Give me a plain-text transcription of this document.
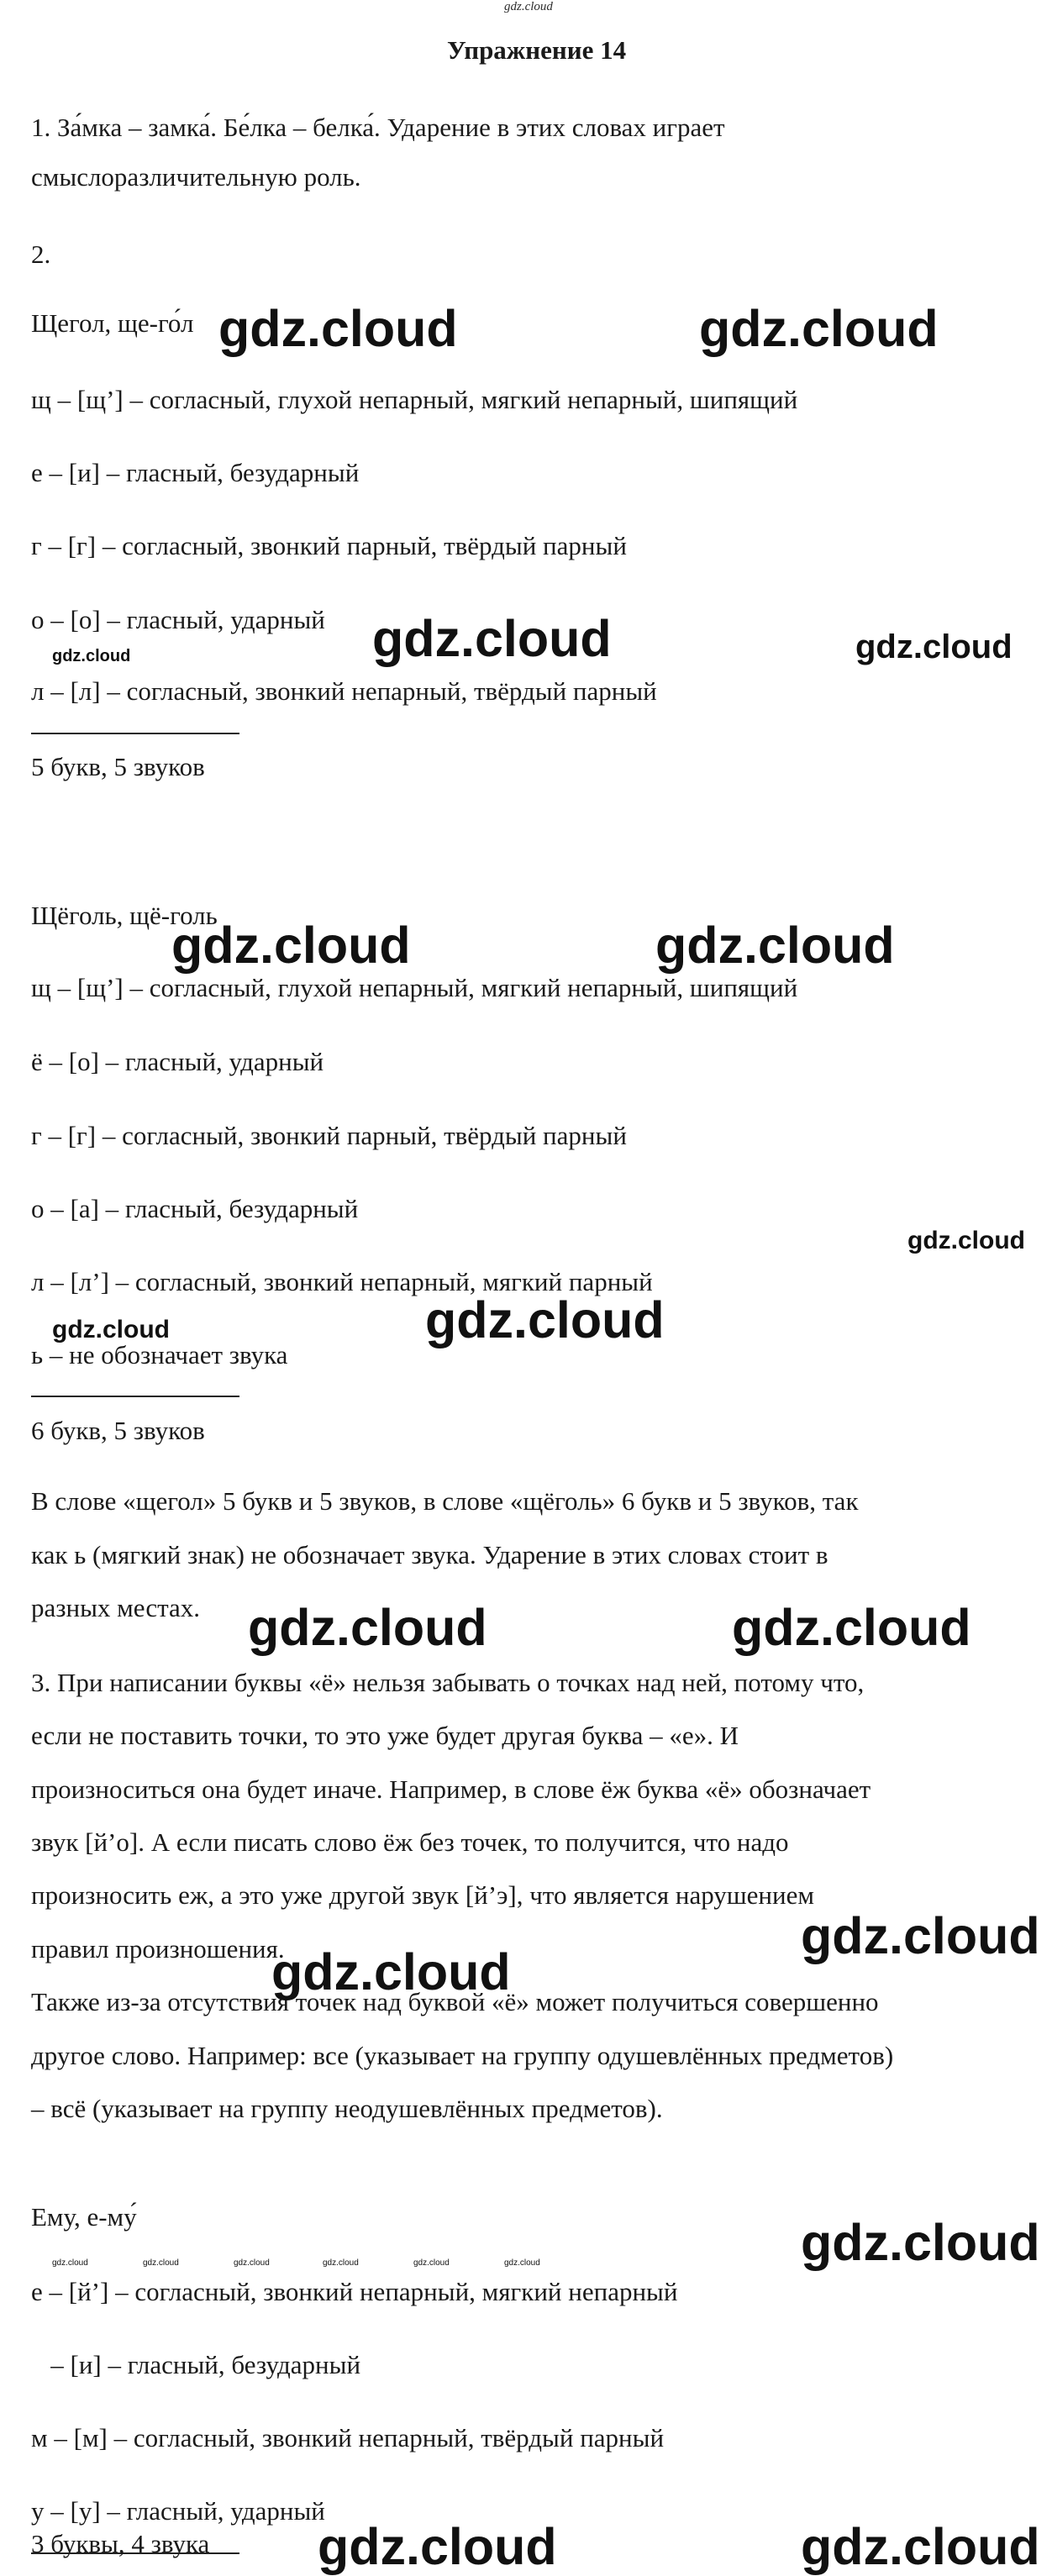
gdz.cloud
Упражнение 14
1. За́мка – замка́. Бе́лка – белка́. Ударение в этих словах играет
смыслоразличительную роль.
2.
Щегол, ще-го́л
щ – [щ’] – согласный, глухой непарный, мягкий непарный, шипящий
е – [и] – гласный, безударный
г – [г] – согласный, звонкий парный, твёрдый парный
о – [о] – гласный, ударный
л – [л] – согласный, звонкий непарный, твёрдый парный
5 букв, 5 звуков
Щёголь, щё-голь
щ – [щ’] – согласный, глухой непарный, мягкий непарный, шипящий
ё – [о] – гласный, ударный
г – [г] – согласный, звонкий парный, твёрдый парный
о – [а] – гласный, безударный
л – [л’] – согласный, звонкий непарный, мягкий парный
ь – не обозначает звука
6 букв, 5 звуков
В слове «щегол» 5 букв и 5 звуков, в слове «щёголь» 6 букв и 5 звуков, так
как ь (мягкий знак) не обозначает звука. Ударение в этих словах стоит в
разных местах.
3. При написании буквы «ё» нельзя забывать о точках над ней, потому что,
если не поставить точки, то это уже будет другая буква – «е». И
произноситься она будет иначе. Например, в слове ёж буква «ё» обозначает
звук [й’о]. А если писать слово ёж без точек, то получится, что надо
произносить еж, а это уже другой звук [й’э], что является нарушением
правил произношения.
Также из-за отсутствия точек над буквой «ё» может получиться совершенно
другое слово. Например: все (указывает на группу одушевлённых предметов)
– всё (указывает на группу неодушевлённых предметов).
Ему, е-му́
е – [й’] – согласный, звонкий непарный, мягкий непарный
– [и] – гласный, безударный
м – [м] – согласный, звонкий непарный, твёрдый парный
у – [у] – гласный, ударный
gdz.cloud	gdz.cloud
gdz.cloud	gdz.cloud
gdz.cloud
gdz.cloud	gdz.cloud
gdz.cloud
gdz.cloud	gdz.cloud
gdz.cloud	gdz.cloud
gdz.cloud
gdz.cloud
gdz.cloud
gdz.cloud	gdz.cloud	gdz.cloud	gdz.cloud	gdz.cloud	gdz.cloud
gdz.cloud	gdz.cloud
3 буквы, 4 звука
